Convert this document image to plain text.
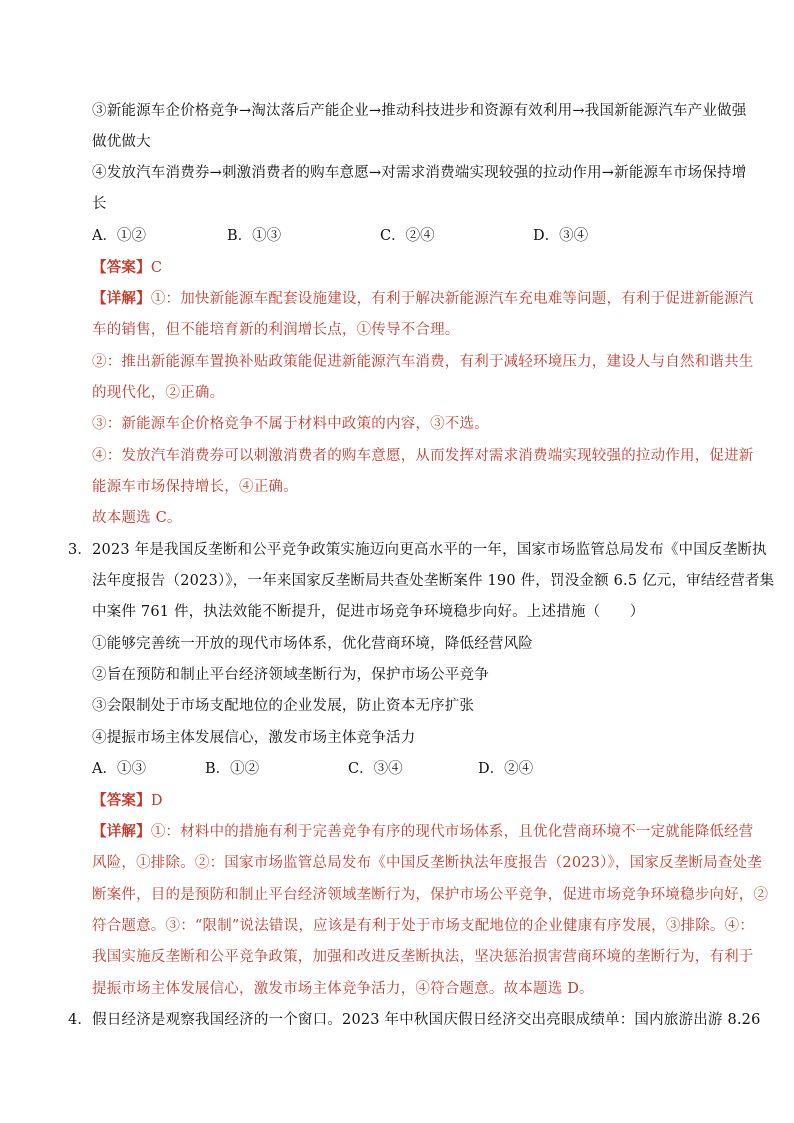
③新能源车企价格竞争→淘汰落后产能企业→推动科技进步和资源有效利用→我国新能源汽车产业做强
做优做大
④发放汽车消费券→刺激消费者的购车意愿→对需求消费端实现较强的拉动作用→新能源车市场保持增
长
A．①②	B．①③	C．②④	D．③④
【答案】C
【详解】①：加快新能源车配套设施建设，有利于解决新能源汽车充电难等问题，有利于促进新能源汽
车的销售，但不能培育新的利润增长点，①传导不合理。
②：推出新能源车置换补贴政策能促进新能源汽车消费，有利于减轻环境压力，建设人与自然和谐共生
的现代化，②正确。
③：新能源车企价格竞争不属于材料中政策的内容，③不选。
④：发放汽车消费券可以刺激消费者的购车意愿，从而发挥对需求消费端实现较强的拉动作用，促进新
能源车市场保持增长，④正确。
故本题选 C。
3．2023 年是我国反垄断和公平竞争政策实施迈向更高水平的一年，国家市场监管总局发布《中国反垄断执
法年度报告（2023）》，一年来国家反垄断局共查处垄断案件 190 件，罚没金额 6.5 亿元，审结经营者集
中案件 761 件，执法效能不断提升，促进市场竞争环境稳步向好。上述措施（　　）
①能够完善统一开放的现代市场体系，优化营商环境，降低经营风险
②旨在预防和制止平台经济领域垄断行为，保护市场公平竞争
③会限制处于市场支配地位的企业发展，防止资本无序扩张
④提振市场主体发展信心，激发市场主体竞争活力
A．①③	B．①②	C．③④	D．②④
【答案】D
【详解】①：材料中的措施有利于完善竞争有序的现代市场体系，且优化营商环境不一定就能降低经营
风险，①排除。②：国家市场监管总局发布《中国反垄断执法年度报告（2023）》，国家反垄断局查处垄
断案件，目的是预防和制止平台经济领域垄断行为，保护市场公平竞争，促进市场竞争环境稳步向好，②
符合题意。③：“限制”说法错误，应该是有利于处于市场支配地位的企业健康有序发展，③排除。④：
我国实施反垄断和公平竞争政策，加强和改进反垄断执法，坚决惩治损害营商环境的垄断行为，有利于
提振市场主体发展信心，激发市场主体竞争活力，④符合题意。故本题选 D。
4．假日经济是观察我国经济的一个窗口。2023 年中秋国庆假日经济交出亮眼成绩单：国内旅游出游 8.26
